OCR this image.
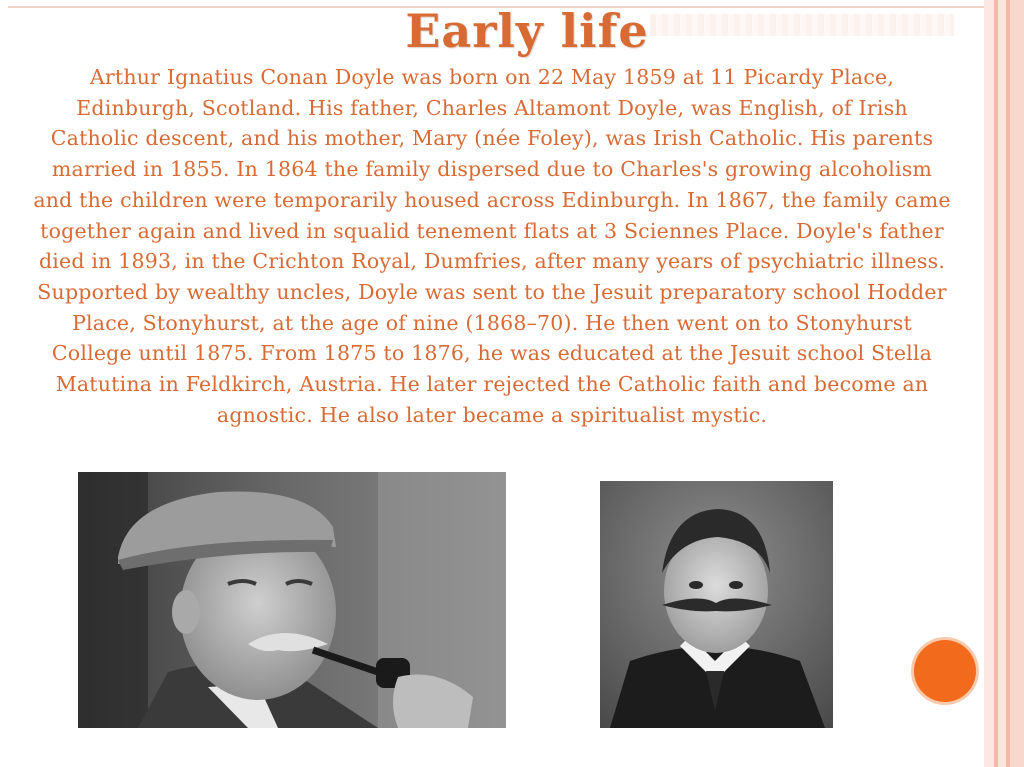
Early life
Arthur Ignatius Conan Doyle was born on 22 May 1859 at 11 Picardy Place, Edinburgh, Scotland. His father, Charles Altamont Doyle, was English, of Irish Catholic descent, and his mother, Mary (née Foley), was Irish Catholic. His parents married in 1855. In 1864 the family dispersed due to Charles's growing alcoholism and the children were temporarily housed across Edinburgh. In 1867, the family came together again and lived in squalid tenement flats at 3 Sciennes Place. Doyle's father died in 1893, in the Crichton Royal, Dumfries, after many years of psychiatric illness. Supported by wealthy uncles, Doyle was sent to the Jesuit preparatory school Hodder Place, Stonyhurst, at the age of nine (1868–70). He then went on to Stonyhurst College until 1875. From 1875 to 1876, he was educated at the Jesuit school Stella Matutina in Feldkirch, Austria. He later rejected the Catholic faith and become an agnostic. He also later became a spiritualist mystic.
